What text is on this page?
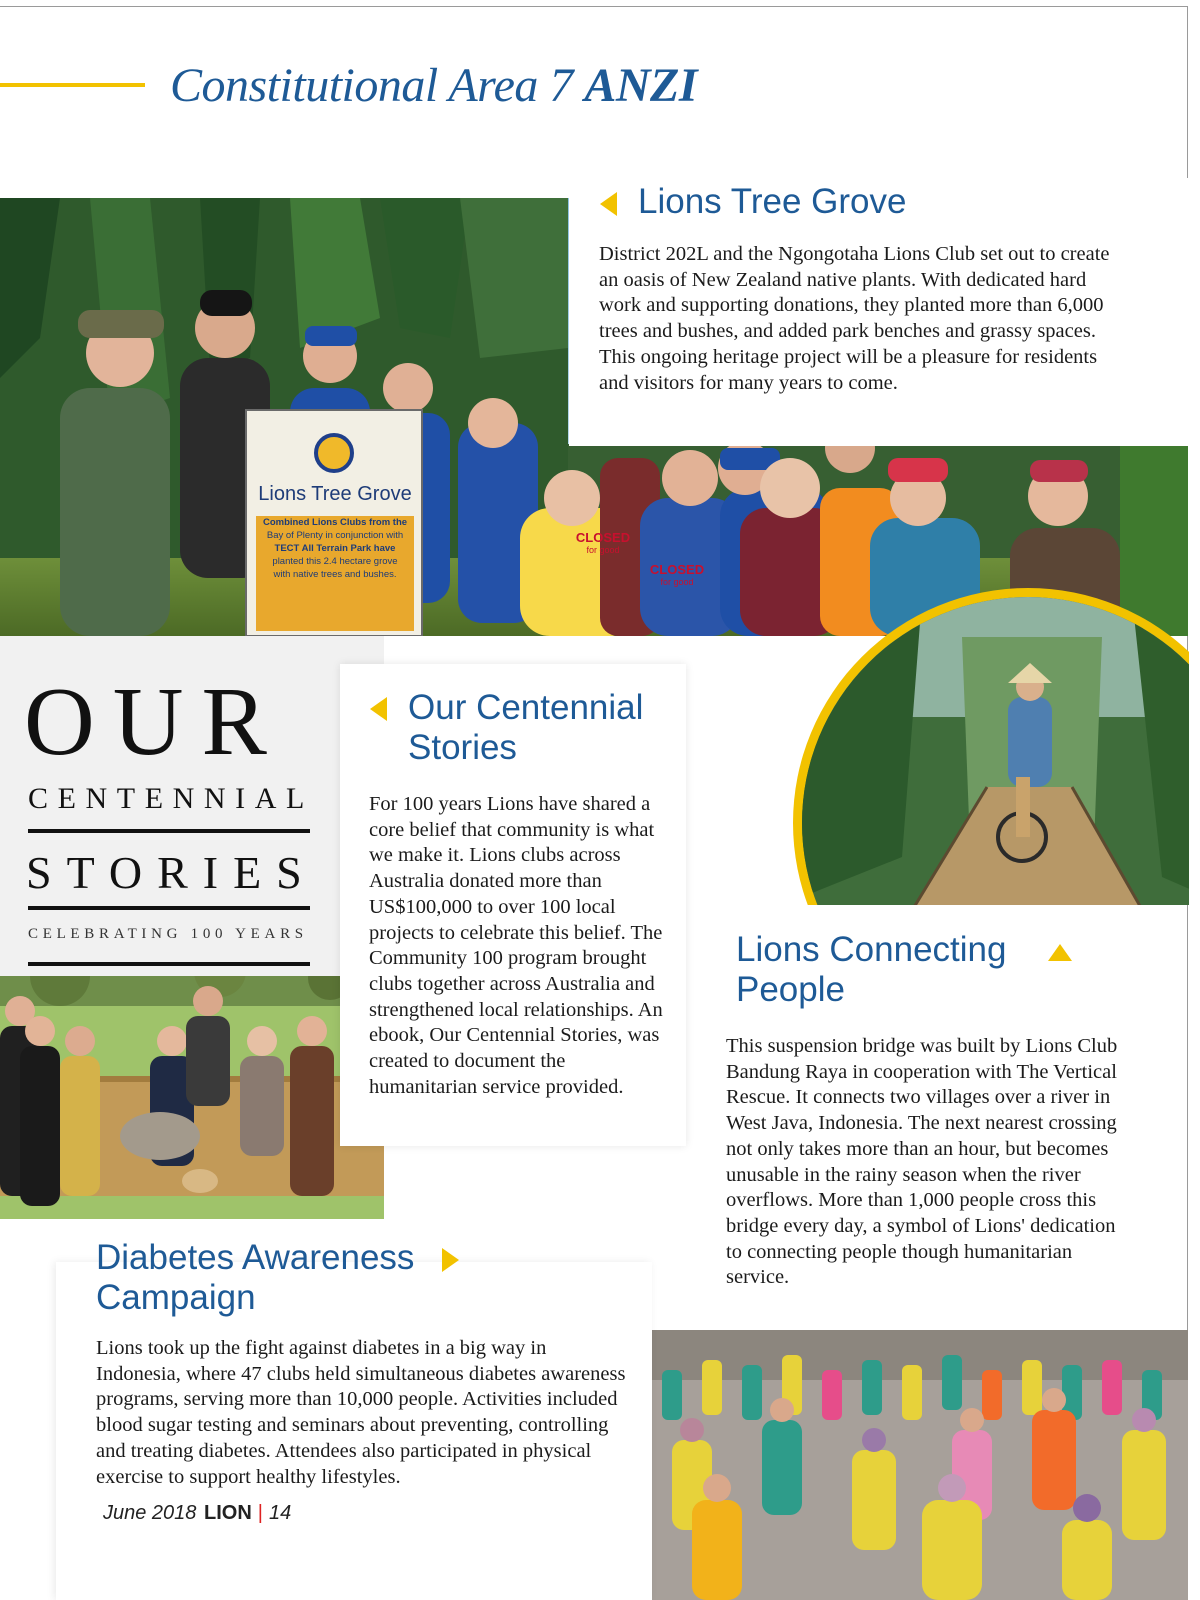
Constitutional Area 7 ANZI
Lions Tree Grove
Combined Lions Clubs from the
Bay of Plenty in conjunction with
TECT All Terrain Park have
planted this 2.4 hectare grove
with native trees and bushes.
CLOSED
for good
CLOSED
for good
Lions Tree Grove

District 202L and the Ngongotaha Lions Club set out to create an oasis of New Zealand native plants. With dedicated hard work and supporting donations, they planted more than 6,000 trees and bushes, and added park benches and grassy spaces. This ongoing heritage project will be a pleasure for residents and visitors for many years to come.

OUR
CENTENNIAL
STORIES
CELEBRATING 100 YEARS
Our Centennial Stories

For 100 years Lions have shared a core belief that community is what we make it. Lions clubs across Australia donated more than US$100,000 to over 100 local projects to celebrate this belief. The Community 100 program brought clubs together across Australia and strengthened local relationships. An ebook, Our Centennial Stories, was created to document the humanitarian service provided.

Lions Connecting People

This suspension bridge was built by Lions Club Bandung Raya in cooperation with The Vertical Rescue. It connects two villages over a river in West Java, Indonesia. The next nearest crossing not only takes more than an hour, but becomes unusable in the rainy season when the river overflows. More than 1,000 people cross this bridge every day, a symbol of Lions' dedication to connecting people though humanitarian service.

Diabetes Awareness Campaign

Lions took up the fight against diabetes in a big way in Indonesia, where 47 clubs held simultaneous diabetes awareness programs, serving more than 10,000 people. Activities included blood sugar testing and seminars about preventing, controlling and treating diabetes. Attendees also participated in physical exercise to support healthy lifestyles.

June 2018 LION | 14
